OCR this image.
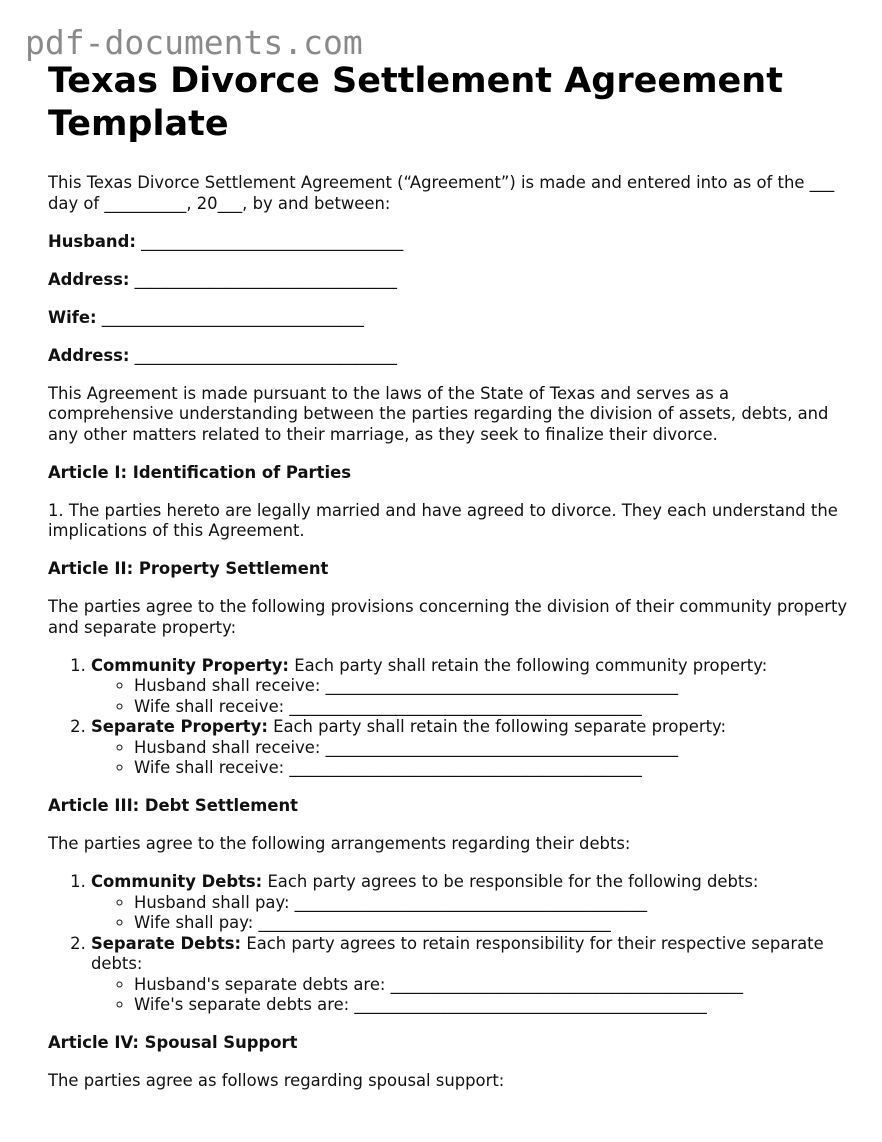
pdf-documents.com
Texas Divorce Settlement Agreement Template

This Texas Divorce Settlement Agreement (“Agreement”) is made and entered into as of the ___ day of __________, 20___, by and between:

Husband: ________________________________

Address: ________________________________

Wife: ________________________________

Address: ________________________________

This Agreement is made pursuant to the laws of the State of Texas and serves as a comprehensive understanding between the parties regarding the division of assets, debts, and any other matters related to their marriage, as they seek to finalize their divorce.

Article I: Identification of Parties

1. The parties hereto are legally married and have agreed to divorce. They each understand the implications of this Agreement.

Article II: Property Settlement

The parties agree to the following provisions concerning the division of their community property and separate property:

1. Community Property: Each party shall retain the following community property:
◦ Husband shall receive: ___________________________________________
◦ Wife shall receive: ___________________________________________
2. Separate Property: Each party shall retain the following separate property:
◦ Husband shall receive: ___________________________________________
◦ Wife shall receive: ___________________________________________

Article III: Debt Settlement

The parties agree to the following arrangements regarding their debts:

1. Community Debts: Each party agrees to be responsible for the following debts:
◦ Husband shall pay: ___________________________________________
◦ Wife shall pay: ___________________________________________
2. Separate Debts: Each party agrees to retain responsibility for their respective separate debts:
◦ Husband's separate debts are: ___________________________________________
◦ Wife's separate debts are: ___________________________________________

Article IV: Spousal Support

The parties agree as follows regarding spousal support:
